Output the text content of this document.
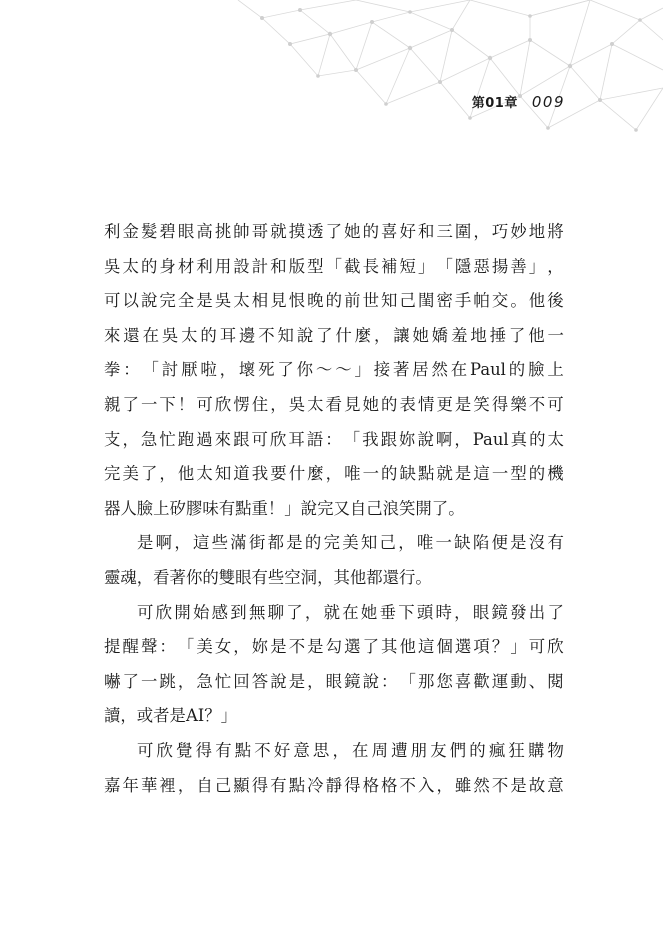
第01章 009
利 金 髮 碧 眼 高 挑 帥 哥 就 摸 透 了 她 的 喜 好 和 三 圍 ， 巧 妙 地 將
吳 太 的 身 材 利 用 設 計 和 版 型 「 截 長 補 短 」 「 隱 惡 揚 善 」 ，
可 以 說 完 全 是 吳 太 相 見 恨 晚 的 前 世 知 己 閨 密 手 帕 交 。 他 後
來 還 在 吳 太 的 耳 邊 不 知 說 了 什 麼 ， 讓 她 嬌 羞 地 捶 了 他 一
拳 ： 「 討 厭 啦 ， 壞 死 了 你 ～ ～ 」 接 著 居 然 在 Paul 的 臉 上
親 了 一 下 ！ 可 欣 愣 住 ， 吳 太 看 見 她 的 表 情 更 是 笑 得 樂 不 可
支 ， 急 忙 跑 過 來 跟 可 欣 耳 語 ： 「 我 跟 妳 說 啊 ， Paul 真 的 太
完 美 了 ， 他 太 知 道 我 要 什 麼 ， 唯 一 的 缺 點 就 是 這 一 型 的 機
器人臉上矽膠味有點重！」說完又自己浪笑開了。
是 啊 ， 這 些 滿 街 都 是 的 完 美 知 己 ， 唯 一 缺 陷 便 是 沒 有
靈魂，看著你的雙眼有些空洞，其他都還行。
可 欣 開 始 感 到 無 聊 了 ， 就 在 她 垂 下 頭 時 ， 眼 鏡 發 出 了
提 醒 聲 ： 「 美 女 ， 妳 是 不 是 勾 選 了 其 他 這 個 選 項 ？ 」 可 欣
嚇 了 一 跳 ， 急 忙 回 答 說 是 ， 眼 鏡 說 ： 「 那 您 喜 歡 運 動 、 閱
讀，或者是AI？」
可 欣 覺 得 有 點 不 好 意 思 ， 在 周 遭 朋 友 們 的 瘋 狂 購 物
嘉 年 華 裡 ， 自 己 顯 得 有 點 冷 靜 得 格 格 不 入 ， 雖 然 不 是 故 意
